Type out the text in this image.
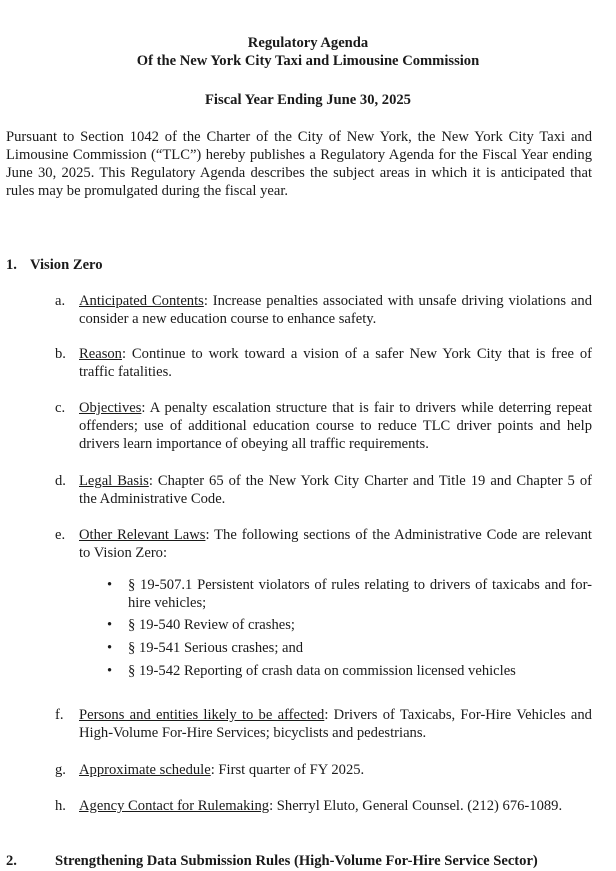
Regulatory Agenda
Of the New York City Taxi and Limousine Commission
Fiscal Year Ending June 30, 2025
Pursuant to Section 1042 of the Charter of the City of New York, the New York City Taxi and Limousine Commission (“TLC”) hereby publishes a Regulatory Agenda for the Fiscal Year ending June 30, 2025. This Regulatory Agenda describes the subject areas in which it is anticipated that rules may be promulgated during the fiscal year.
1. Vision Zero
a. Anticipated Contents: Increase penalties associated with unsafe driving violations and consider a new education course to enhance safety.
b. Reason: Continue to work toward a vision of a safer New York City that is free of traffic fatalities.
c. Objectives: A penalty escalation structure that is fair to drivers while deterring repeat offenders; use of additional education course to reduce TLC driver points and help drivers learn importance of obeying all traffic requirements.
d. Legal Basis: Chapter 65 of the New York City Charter and Title 19 and Chapter 5 of the Administrative Code.
e. Other Relevant Laws: The following sections of the Administrative Code are relevant to Vision Zero:
f. Persons and entities likely to be affected: Drivers of Taxicabs, For-Hire Vehicles and High-Volume For-Hire Services; bicyclists and pedestrians.
g. Approximate schedule: First quarter of FY 2025.
h. Agency Contact for Rulemaking: Sherryl Eluto, General Counsel. (212) 676-1089.
• § 19-507.1 Persistent violators of rules relating to drivers of taxicabs and for-hire vehicles;
• § 19-540 Review of crashes;
• § 19-541 Serious crashes; and
• § 19-542 Reporting of crash data on commission licensed vehicles
2.	Strengthening Data Submission Rules (High-Volume For-Hire Service Sector)
